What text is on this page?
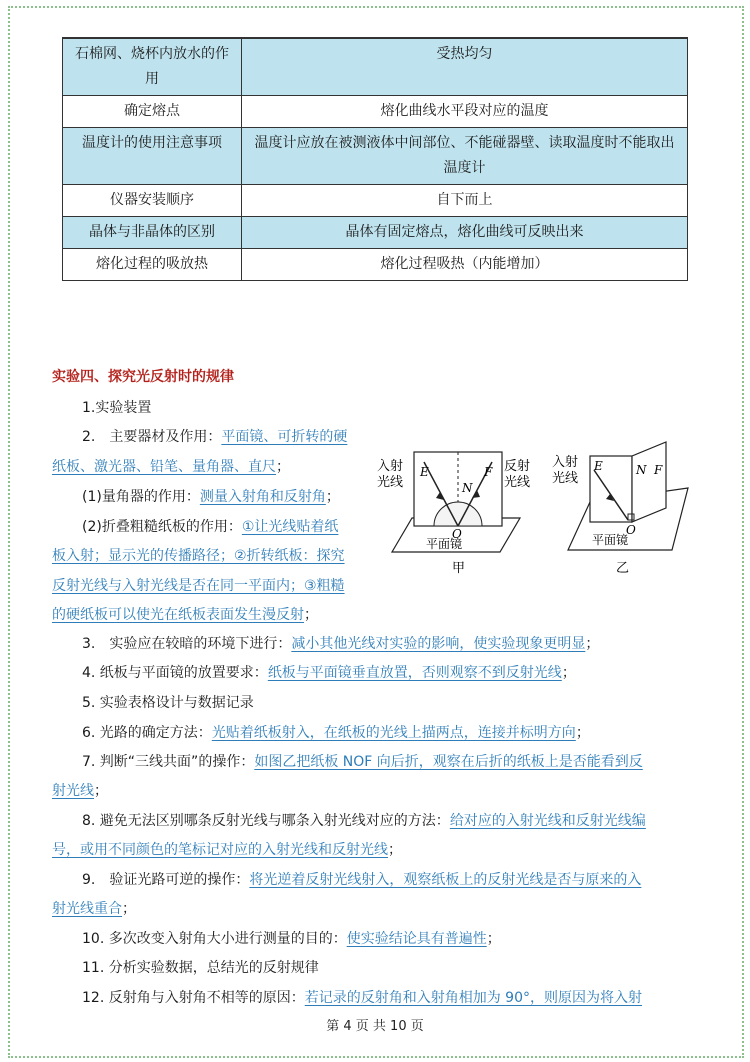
石棉网、烧杯内放水的作用	受热均匀
确定熔点	熔化曲线水平段对应的温度
温度计的使用注意事项	温度计应放在被测液体中间部位、不能碰器壁、读取温度时不能取出温度计
仪器安装顺序	自下而上
晶体与非晶体的区别	晶体有固定熔点，熔化曲线可反映出来
熔化过程的吸放热	熔化过程吸热（内能增加）
实验四、探究光反射时的规律
1.实验装置
2.　主要器材及作用：平面镜、可折转的硬
纸板、激光器、铅笔、量角器、直尺；
(1)量角器的作用：测量入射角和反射角；
(2)折叠粗糙纸板的作用：①让光线贴着纸
板入射；显示光的传播路径；②折转纸板：探究
反射光线与入射光线是否在同一平面内；③粗糙
的硬纸板可以使光在纸板表面发生漫反射；
3.　实验应在较暗的环境下进行：减小其他光线对实验的影响，使实验现象更明显；
4. 纸板与平面镜的放置要求：纸板与平面镜垂直放置，否则观察不到反射光线；
5. 实验表格设计与数据记录
6. 光路的确定方法：光贴着纸板射入，在纸板的光线上描两点，连接并标明方向；
7. 判断“三线共面”的操作：如图乙把纸板 NOF 向后折，观察在后折的纸板上是否能看到反
射光线；
8. 避免无法区别哪条反射光线与哪条入射光线对应的方法：给对应的入射光线和反射光线编
号，或用不同颜色的笔标记对应的入射光线和反射光线；
9.　验证光路可逆的操作：将光逆着反射光线射入，观察纸板上的反射光线是否与原来的入
射光线重合；
10. 多次改变入射角大小进行测量的目的：使实验结论具有普遍性；
11. 分析实验数据，总结光的反射规律
12. 反射角与入射角不相等的原因：若记录的反射角和入射角相加为 90°，则原因为将入射
入射
光线
反射
光线
E
N
F
O
平面镜
甲
入射
光线
E	N F
O
平面镜
乙
第 4 页 共 10 页
